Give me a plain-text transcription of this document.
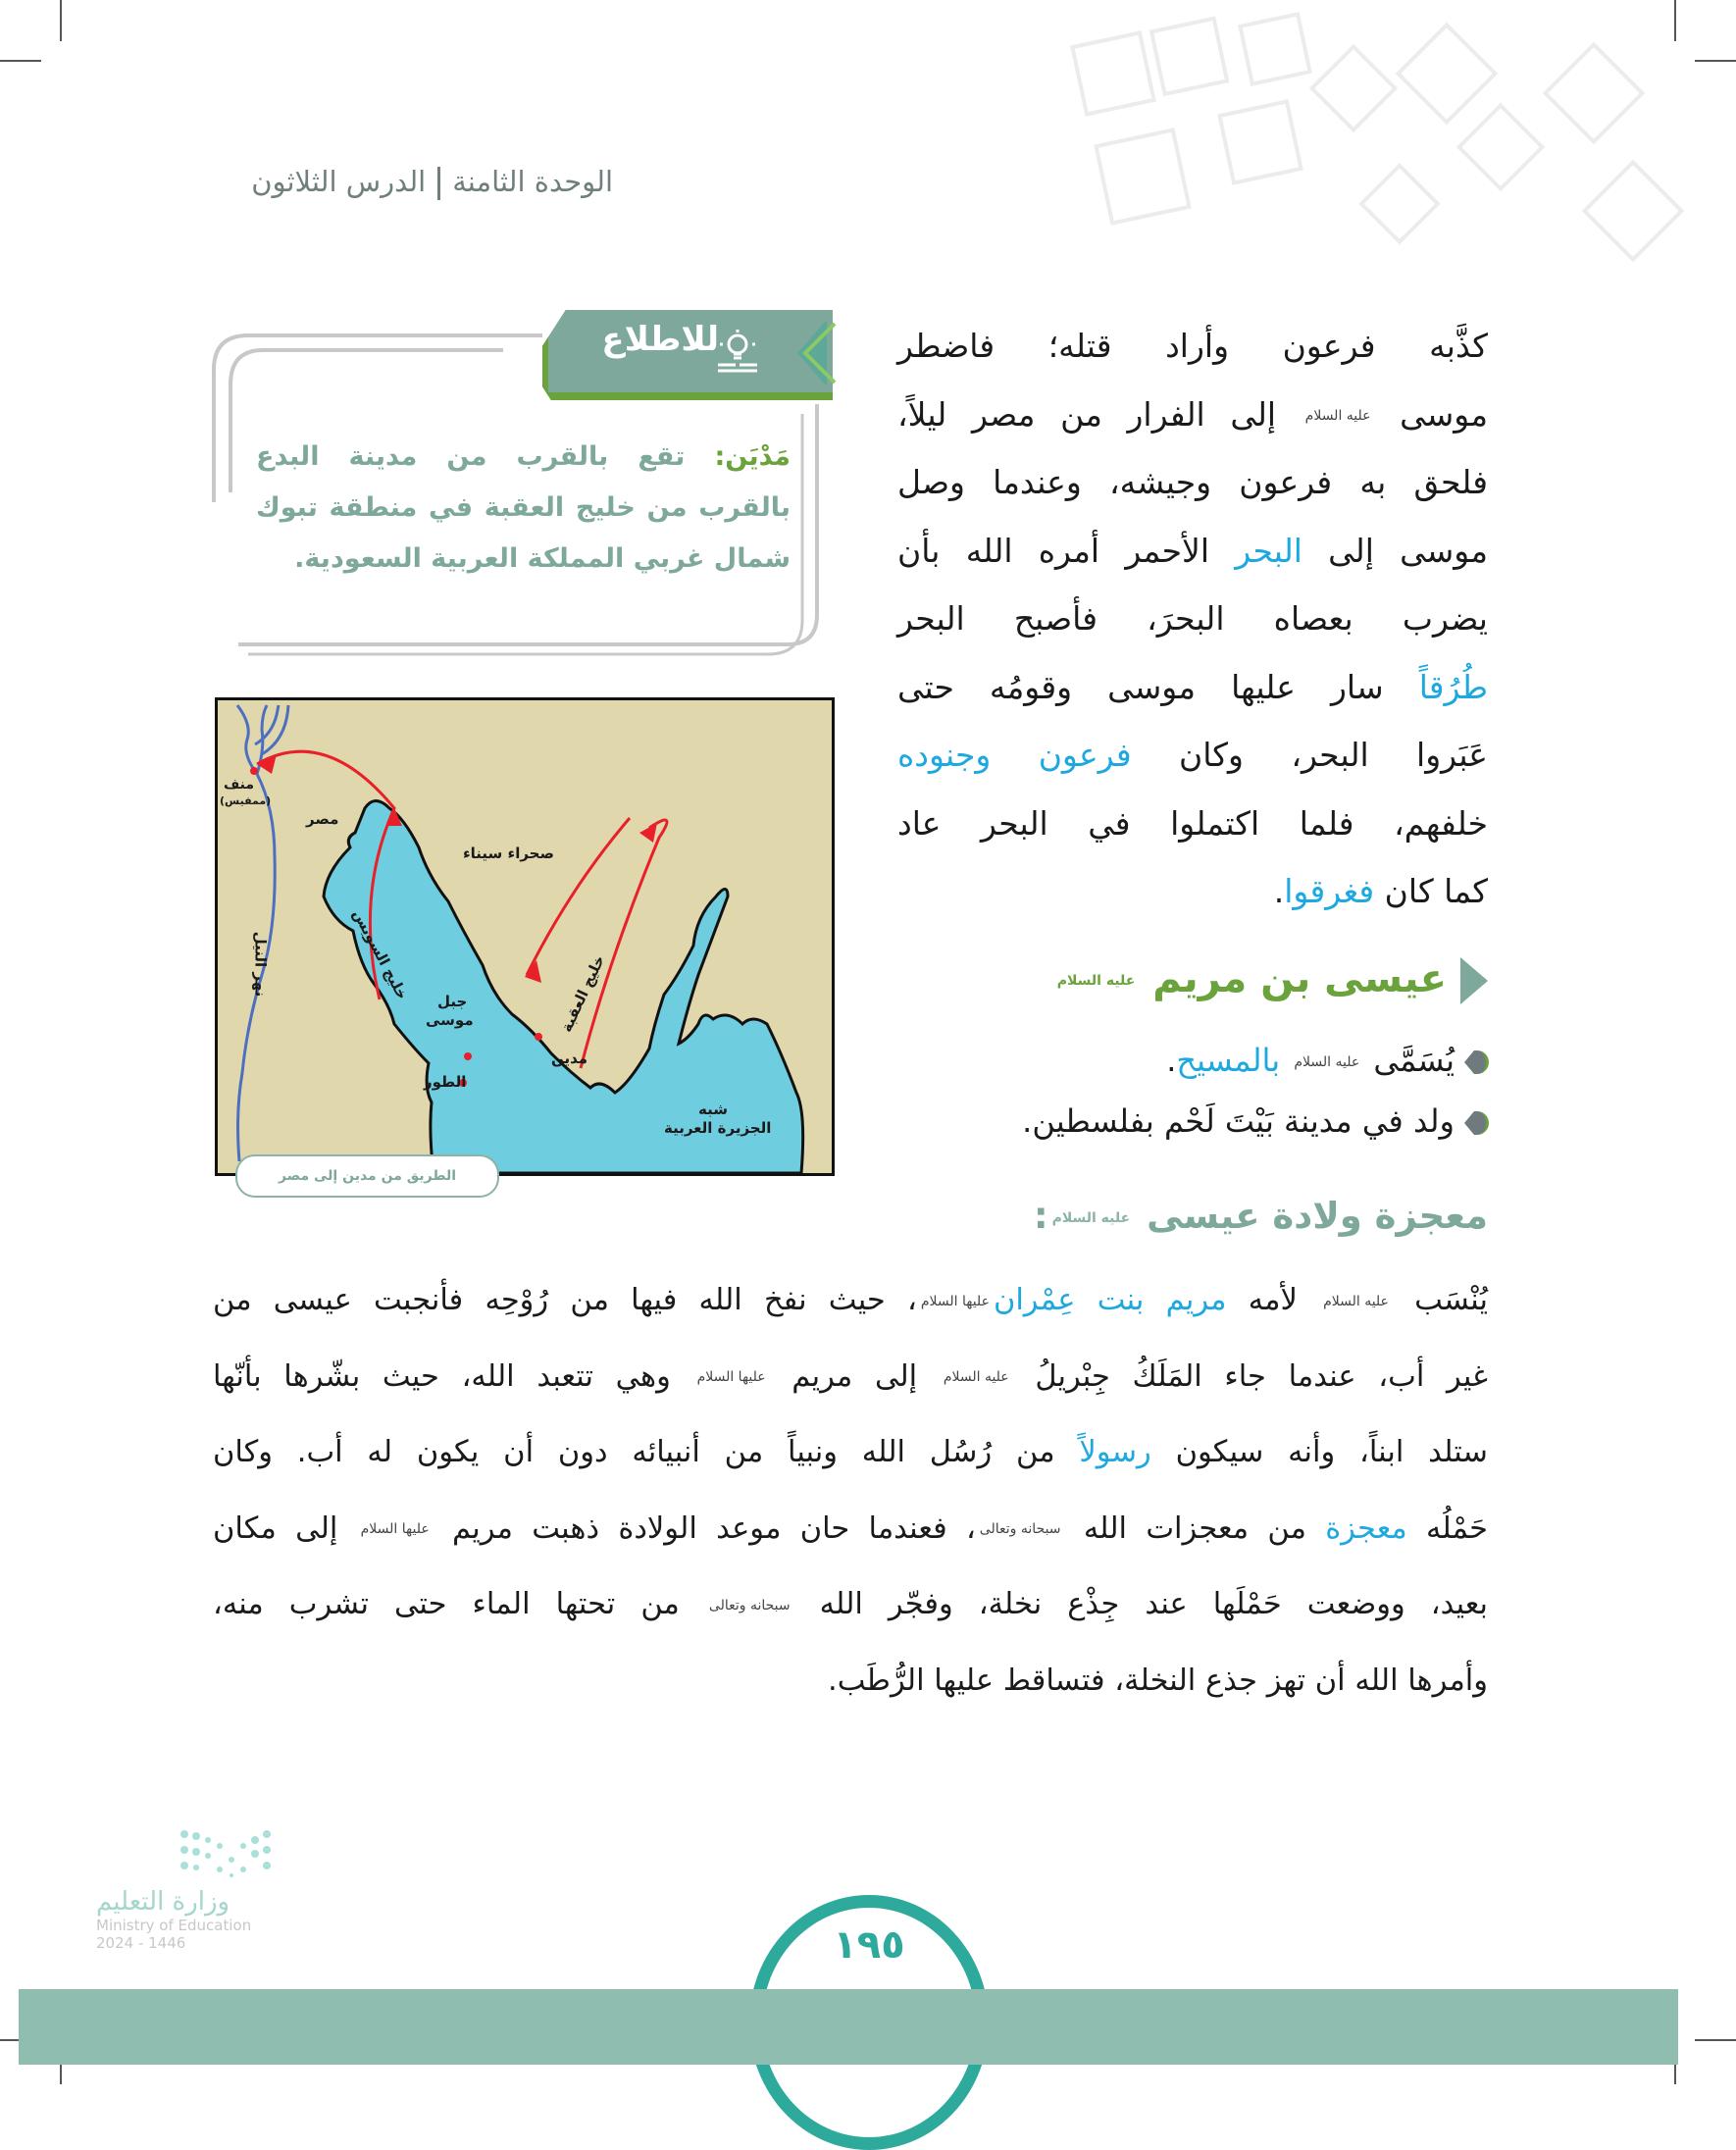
الوحدة الثامنةالدرس الثلاثون
كذَّبه فرعون وأراد قتله؛ فاضطر
موسى عليه السلام إلى الفرار من مصر ليلاً،
فلحق به فرعون وجيشه، وعندما وصل
موسى إلى البحر الأحمر أمره الله بأن
يضرب بعصاه البحرَ، فأصبح البحر
طُرُقاً سار عليها موسى وقومُه حتى
عَبَروا البحر، وكان فرعون وجنوده
خلفهم، فلما اكتملوا في البحر عاد
كما كان فغرقوا.
للاطلاع
مَدْيَن: تقع بالقرب من مدينة البدع
بالقرب من خليج العقبة في منطقة تبوك
شمال غربي المملكة العربية السعودية.
منف
(ممفيس)
مصر
صحراء سيناء
نهر النيل	خليج السويس	خليج العقبة
جبل
موسى
الطور
مدين
شبه
الجزيرة العربية
الطريق من مدين إلى مصر
عيسى بن مريم عليه السلام
يُسَمَّى عليه السلام بالمسيح.
ولد في مدينة بَيْتَ لَحْم بفلسطين.
معجزة ولادة عيسى عليه السلام:
يُنْسَب عليه السلام لأمه مريم بنت عِمْرانعليها السلام، حيث نفخ الله فيها من رُوْحِه فأنجبت عيسى من
غير أب، عندما جاء المَلَكُ جِبْريلُ عليه السلام إلى مريم عليها السلام وهي تتعبد الله، حيث بشّرها بأنّها
ستلد ابناً، وأنه سيكون رسولاً من رُسُل الله ونبياً من أنبيائه دون أن يكون له أب. وكان
حَمْلُه معجزة من معجزات الله سبحانه وتعالى، فعندما حان موعد الولادة ذهبت مريم عليها السلام إلى مكان
بعيد، ووضعت حَمْلَها عند جِذْع نخلة، وفجّر الله سبحانه وتعالى من تحتها الماء حتى تشرب منه،
وأمرها الله أن تهز جذع النخلة، فتساقط عليها الرُّطَب.
وزارة التعليم
Ministry of Education
2024 - 1446	١٩٥
